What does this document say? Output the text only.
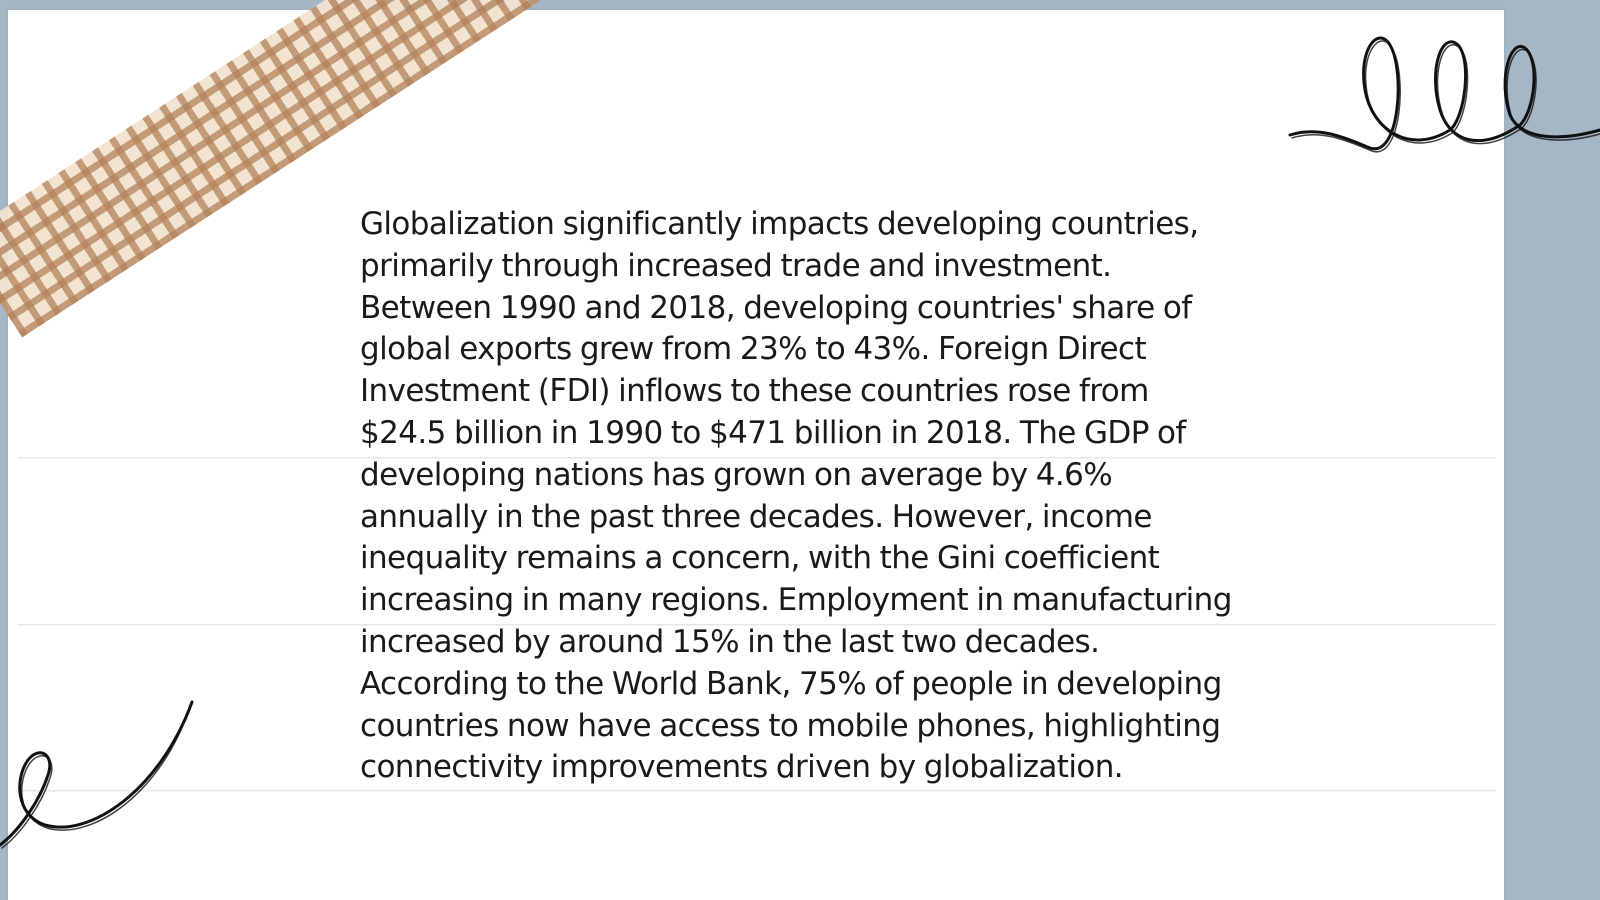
Globalization significantly impacts developing countries, primarily through increased trade and investment. Between 1990 and 2018, developing countries' share of global exports grew from 23% to 43%. Foreign Direct Investment (FDI) inflows to these countries rose from $24.5 billion in 1990 to $471 billion in 2018. The GDP of developing nations has grown on average by 4.6% annually in the past three decades. However, income inequality remains a concern, with the Gini coefficient increasing in many regions. Employment in manufacturing increased by around 15% in the last two decades. According to the World Bank, 75% of people in developing countries now have access to mobile phones, highlighting connectivity improvements driven by globalization.
